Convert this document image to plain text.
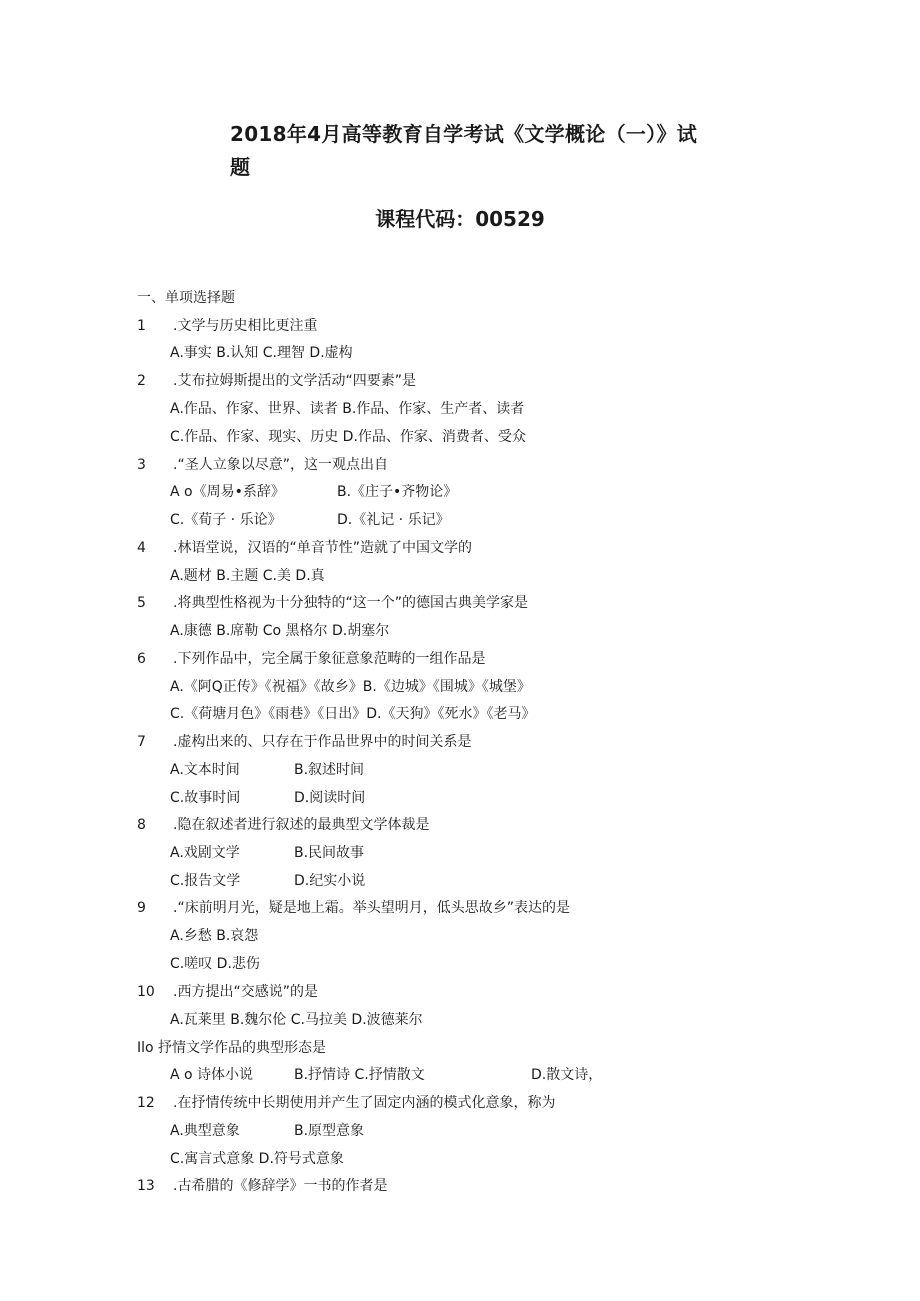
2018年4月高等教育自学考试《文学概论（一）》试题
课程代码：00529
一、单项选择题
1 .文学与历史相比更注重
A.事实 B.认知 C.理智 D.虚构
2 .艾布拉姆斯提出的文学活动“四要素”是
A.作品、作家、世界、读者 B.作品、作家、生产者、读者
C.作品、作家、现实、历史 D.作品、作家、消费者、受众
3 .“圣人立象以尽意”，这一观点出自
A o《周易•系辞》	B.《庄子•齐物论》
C.《荀子 · 乐论》	D.《礼记 · 乐记》
4 .林语堂说，汉语的“单音节性”造就了中国文学的
A.题材 B.主题 C.美 D.真
5 .将典型性格视为十分独特的“这一个”的德国古典美学家是
A.康德 B.席勒 Co 黑格尔 D.胡塞尔
6 .下列作品中，完全属于象征意象范畴的一组作品是
A.《阿Q正传》《祝福》《故乡》B.《边城》《围城》《城堡》
C.《荷塘月色》《雨巷》《日出》D.《天狗》《死水》《老马》
7 .虚构出来的、只存在于作品世界中的时间关系是
A.文本时间	B.叙述时间
C.故事时间	D.阅读时间
8 .隐在叙述者进行叙述的最典型文学体裁是
A.戏剧文学	B.民间故事
C.报告文学	D.纪实小说
9 .“床前明月光，疑是地上霜。举头望明月，低头思故乡”表达的是
A.乡愁 B.哀怨
C.嗟叹 D.悲伤
10 .西方提出“交感说”的是
A.瓦莱里 B.魏尔伦 C.马拉美 D.波德莱尔
Ilo 抒情文学作品的典型形态是
A o 诗体小说	B.抒情诗 C.抒情散文	D.散文诗，
12 .在抒情传统中长期使用并产生了固定内涵的模式化意象，称为
A.典型意象	B.原型意象
C.寓言式意象 D.符号式意象
13 .古希腊的《修辞学》一书的作者是
